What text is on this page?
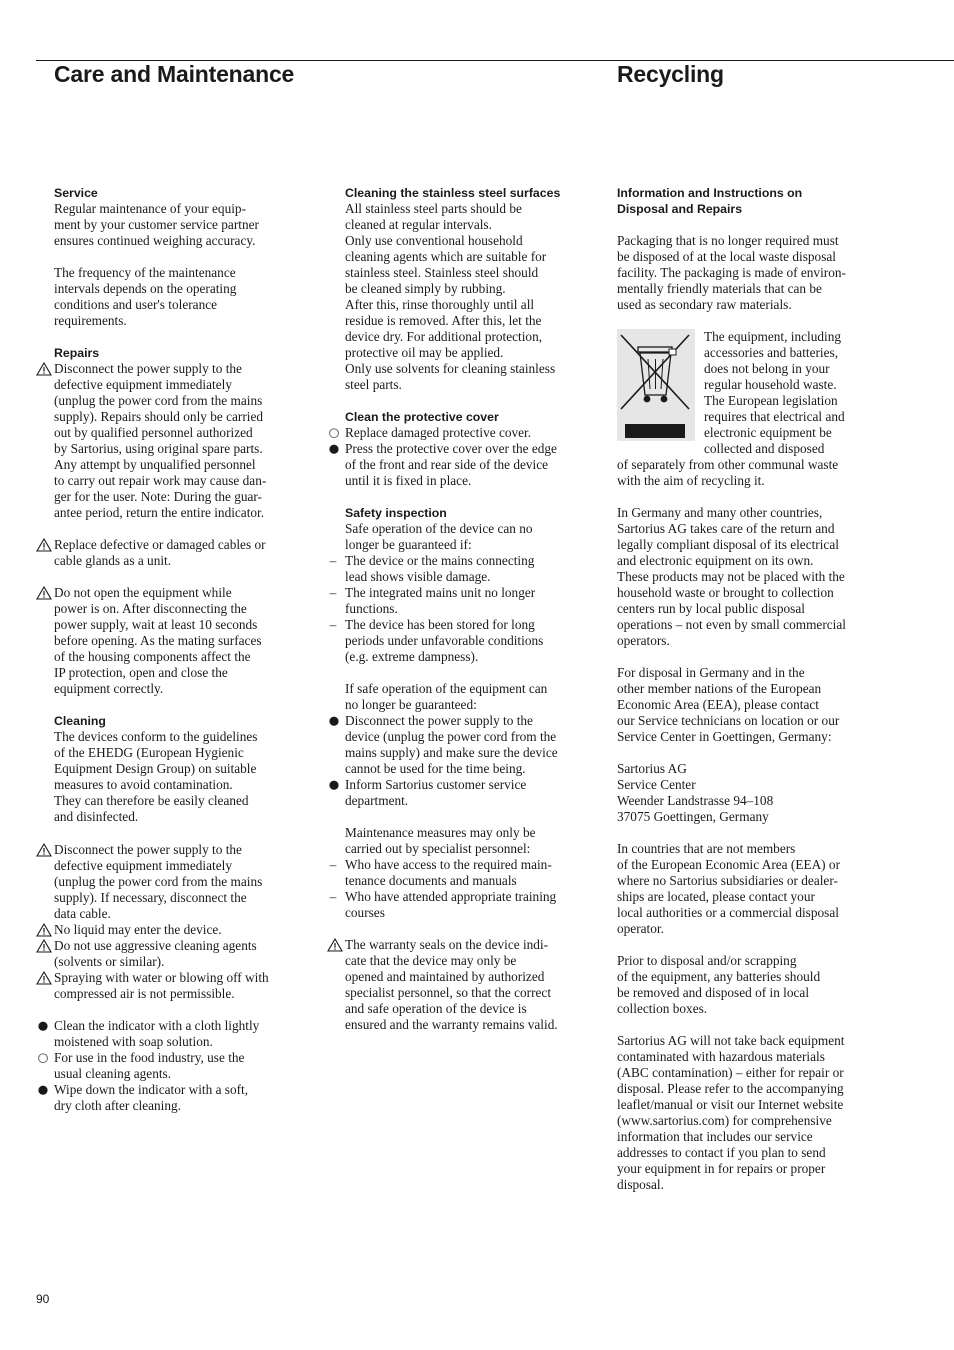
Care and Maintenance	Recycling

Service

Regular maintenance of your equip-
ment by your customer service partner
ensures continued weighing accuracy.

The frequency of the maintenance
intervals depends on the operating
conditions and user's tolerance
requirements.

Repairs

Disconnect the power supply to the
defective equipment immediately
(unplug the power cord from the mains
supply). Repairs should only be carried
out by qualified personnel authorized
by Sartorius, using original spare parts.
Any attempt by unqualified personnel
to carry out repair work may cause dan-
ger for the user. Note: During the guar-
antee period, return the entire indicator.

Replace defective or damaged cables or
cable glands as a unit.

Do not open the equipment while
power is on. After disconnecting the
power supply, wait at least 10 seconds
before opening. As the mating surfaces
of the housing components affect the
IP protection, open and close the
equipment correctly.

Cleaning

The devices conform to the guidelines
of the EHEDG (European Hygienic
Equipment Design Group) on suitable
measures to avoid contamination.
They can therefore be easily cleaned
and disinfected.

Disconnect the power supply to the
defective equipment immediately
(unplug the power cord from the mains
supply). If necessary, disconnect the
data cable.

No liquid may enter the device.

Do not use aggressive cleaning agents
(solvents or similar).

Spraying with water or blowing off with
compressed air is not permissible.

Clean the indicator with a cloth lightly
moistened with soap solution.

For use in the food industry, use the
usual cleaning agents.

Wipe down the indicator with a soft,
dry cloth after cleaning.

Cleaning the stainless steel surfaces

All stainless steel parts should be
cleaned at regular intervals.
Only use conventional household
cleaning agents which are suitable for
stainless steel. Stainless steel should
be cleaned simply by rubbing.
After this, rinse thoroughly until all
residue is removed. After this, let the
device dry. For additional protection,
protective oil may be applied.
Only use solvents for cleaning stainless
steel parts.

Clean the protective cover

Replace damaged protective cover.

Press the protective cover over the edge
of the front and rear side of the device
until it is fixed in place.

Safety inspection

Safe operation of the device can no
longer be guaranteed if:

– The device or the mains connecting
lead shows visible damage.

– The integrated mains unit no longer
functions.

– The device has been stored for long
periods under unfavorable conditions
(e.g. extreme dampness).

If safe operation of the equipment can
no longer be guaranteed:

Disconnect the power supply to the
device (unplug the power cord from the
mains supply) and make sure the device
cannot be used for the time being.

Inform Sartorius customer service
department.

Maintenance measures may only be
carried out by specialist personnel:

– Who have access to the required main-
tenance documents and manuals

– Who have attended appropriate training
courses

The warranty seals on the device indi-
cate that the device may only be
opened and maintained by authorized
specialist personnel, so that the correct
and safe operation of the device is
ensured and the warranty remains valid.

Information and Instructions on
Disposal and Repairs

Packaging that is no longer required must
be disposed of at the local waste disposal
facility. The packaging is made of environ-
mentally friendly materials that can be
used as secondary raw materials.

The equipment, including
accessories and batteries,
does not belong in your
regular household waste.
The European legislation
requires that electrical and
electronic equipment be
collected and disposed

of separately from other communal waste
with the aim of recycling it.

In Germany and many other countries,
Sartorius AG takes care of the return and
legally compliant disposal of its electrical
and electronic equipment on its own.
These products may not be placed with the
household waste or brought to collection
centers run by local public disposal
operations – not even by small commercial
operators.

For disposal in Germany and in the
other member nations of the European
Economic Area (EEA), please contact
our Service technicians on location or our
Service Center in Goettingen, Germany:

Sartorius AG
Service Center
Weender Landstrasse 94–108
37075 Goettingen, Germany

In countries that are not members
of the European Economic Area (EEA) or
where no Sartorius subsidiaries or dealer-
ships are located, please contact your
local authorities or a commercial disposal
operator.

Prior to disposal and/or scrapping
of the equipment, any batteries should
be removed and disposed of in local
collection boxes.

Sartorius AG will not take back equipment
contaminated with hazardous materials
(ABC contamination) – either for repair or
disposal. Please refer to the accompanying
leaflet/manual or visit our Internet website
(www.sartorius.com) for comprehensive
information that includes our service
addresses to contact if you plan to send
your equipment in for repairs or proper
disposal.

90
